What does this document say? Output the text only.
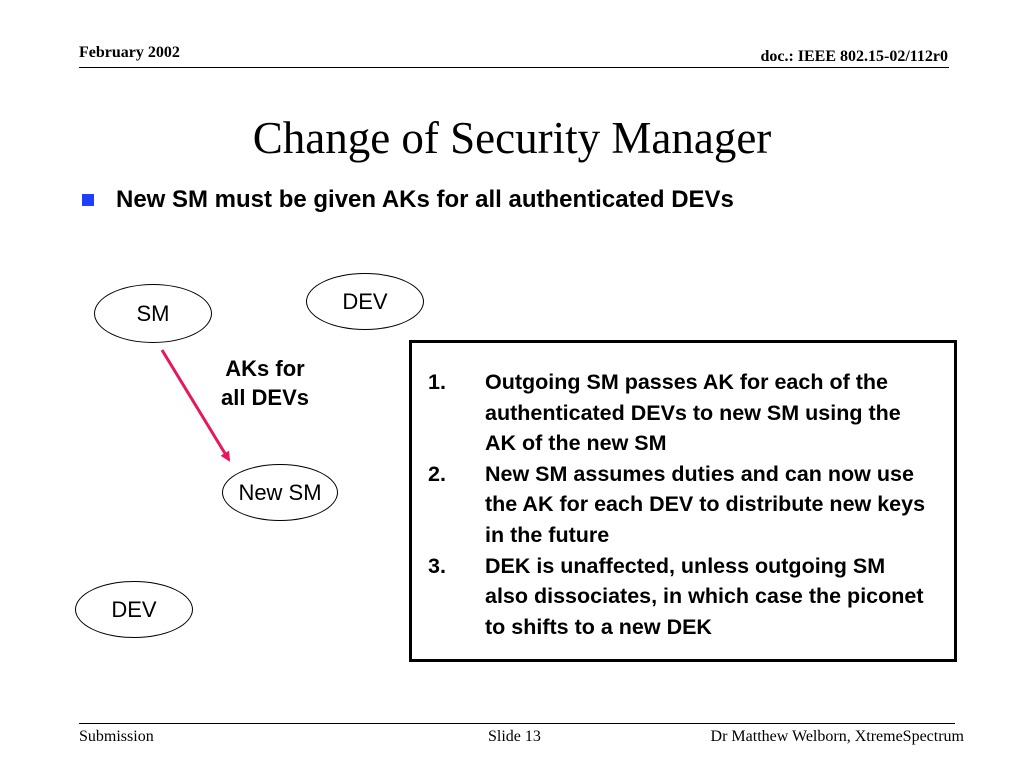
February 2002	doc.: IEEE 802.15-02/112r0
Change of Security Manager
New SM must be given AKs for all authenticated DEVs
SM	DEV
New SM
DEV
AKs for
all DEVs
1.	Outgoing SM passes AK for each of the authenticated DEVs to new SM using the AK of the new SM
2.	New SM assumes duties and can now use the AK for each DEV to distribute new keys in the future
3.	DEK is unaffected, unless outgoing SM also dissociates, in which case the piconet to shifts to a new DEK
Submission	Slide 13	Dr Matthew Welborn, XtremeSpectrum
